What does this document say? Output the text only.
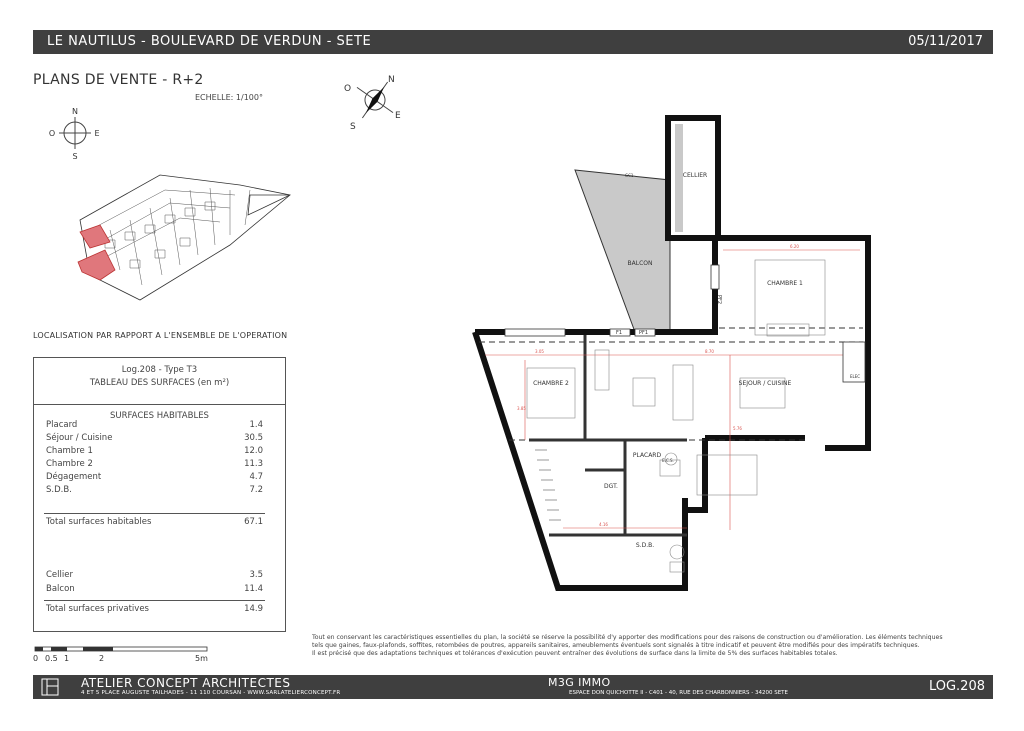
LE NAUTILUS - BOULEVARD DE VERDUN - SETE	05/11/2017
PLANS DE VENTE - R+2
ECHELLE: 1/100°
N
S
E
O
N
S
E
O
LOCALISATION PAR RAPPORT A L'ENSEMBLE DE L'OPERATION
Log.208 - Type T3
TABLEAU DES SURFACES (en m²)
SURFACES HABITABLES
Placard	1.4
Séjour / Cuisine	30.5
Chambre 1	12.0
Chambre 2	11.3
Dégagement	4.7
S.D.B.	7.2
Total surfaces habitables	67.1
Cellier	3.5
Balcon	11.4
Total surfaces privatives	14.9
0 0.5 1	2	5m
BALCON
GC1	CELLIER
6.20
3.05	8.70
4.16
5.76
3.85
F1	PF1
PF2
ELEC
CHAMBRE 1
CHAMBRE 2	SEJOUR / CUISINE
PLACARD
DGT.
S.D.B.
E.C.S.
Tout en conservant les caractéristiques essentielles du plan, la société se réserve la possibilité d'y apporter des modifications pour des raisons de construction ou d'amélioration. Les éléments techniques
tels que gaines, faux-plafonds, soffites, retombées de poutres, appareils sanitaires, ameublements éventuels sont signalés à titre indicatif et peuvent être modifiés pour des impératifs techniques.
Il est précisé que des adaptations techniques et tolérances d'exécution peuvent entraîner des évolutions de surface dans la limite de 5% des surfaces habitables totales.
ATELIER CONCEPT ARCHITECTES
4 ET 5 PLACE AUGUSTE TAILHADES - 11 110 COURSAN - WWW.SARLATELIERCONCEPT.FR
M3G IMMO
ESPACE DON QUICHOTTE II - C401 - 40, RUE DES CHARBONNIERS - 34200 SETE	LOG.208
